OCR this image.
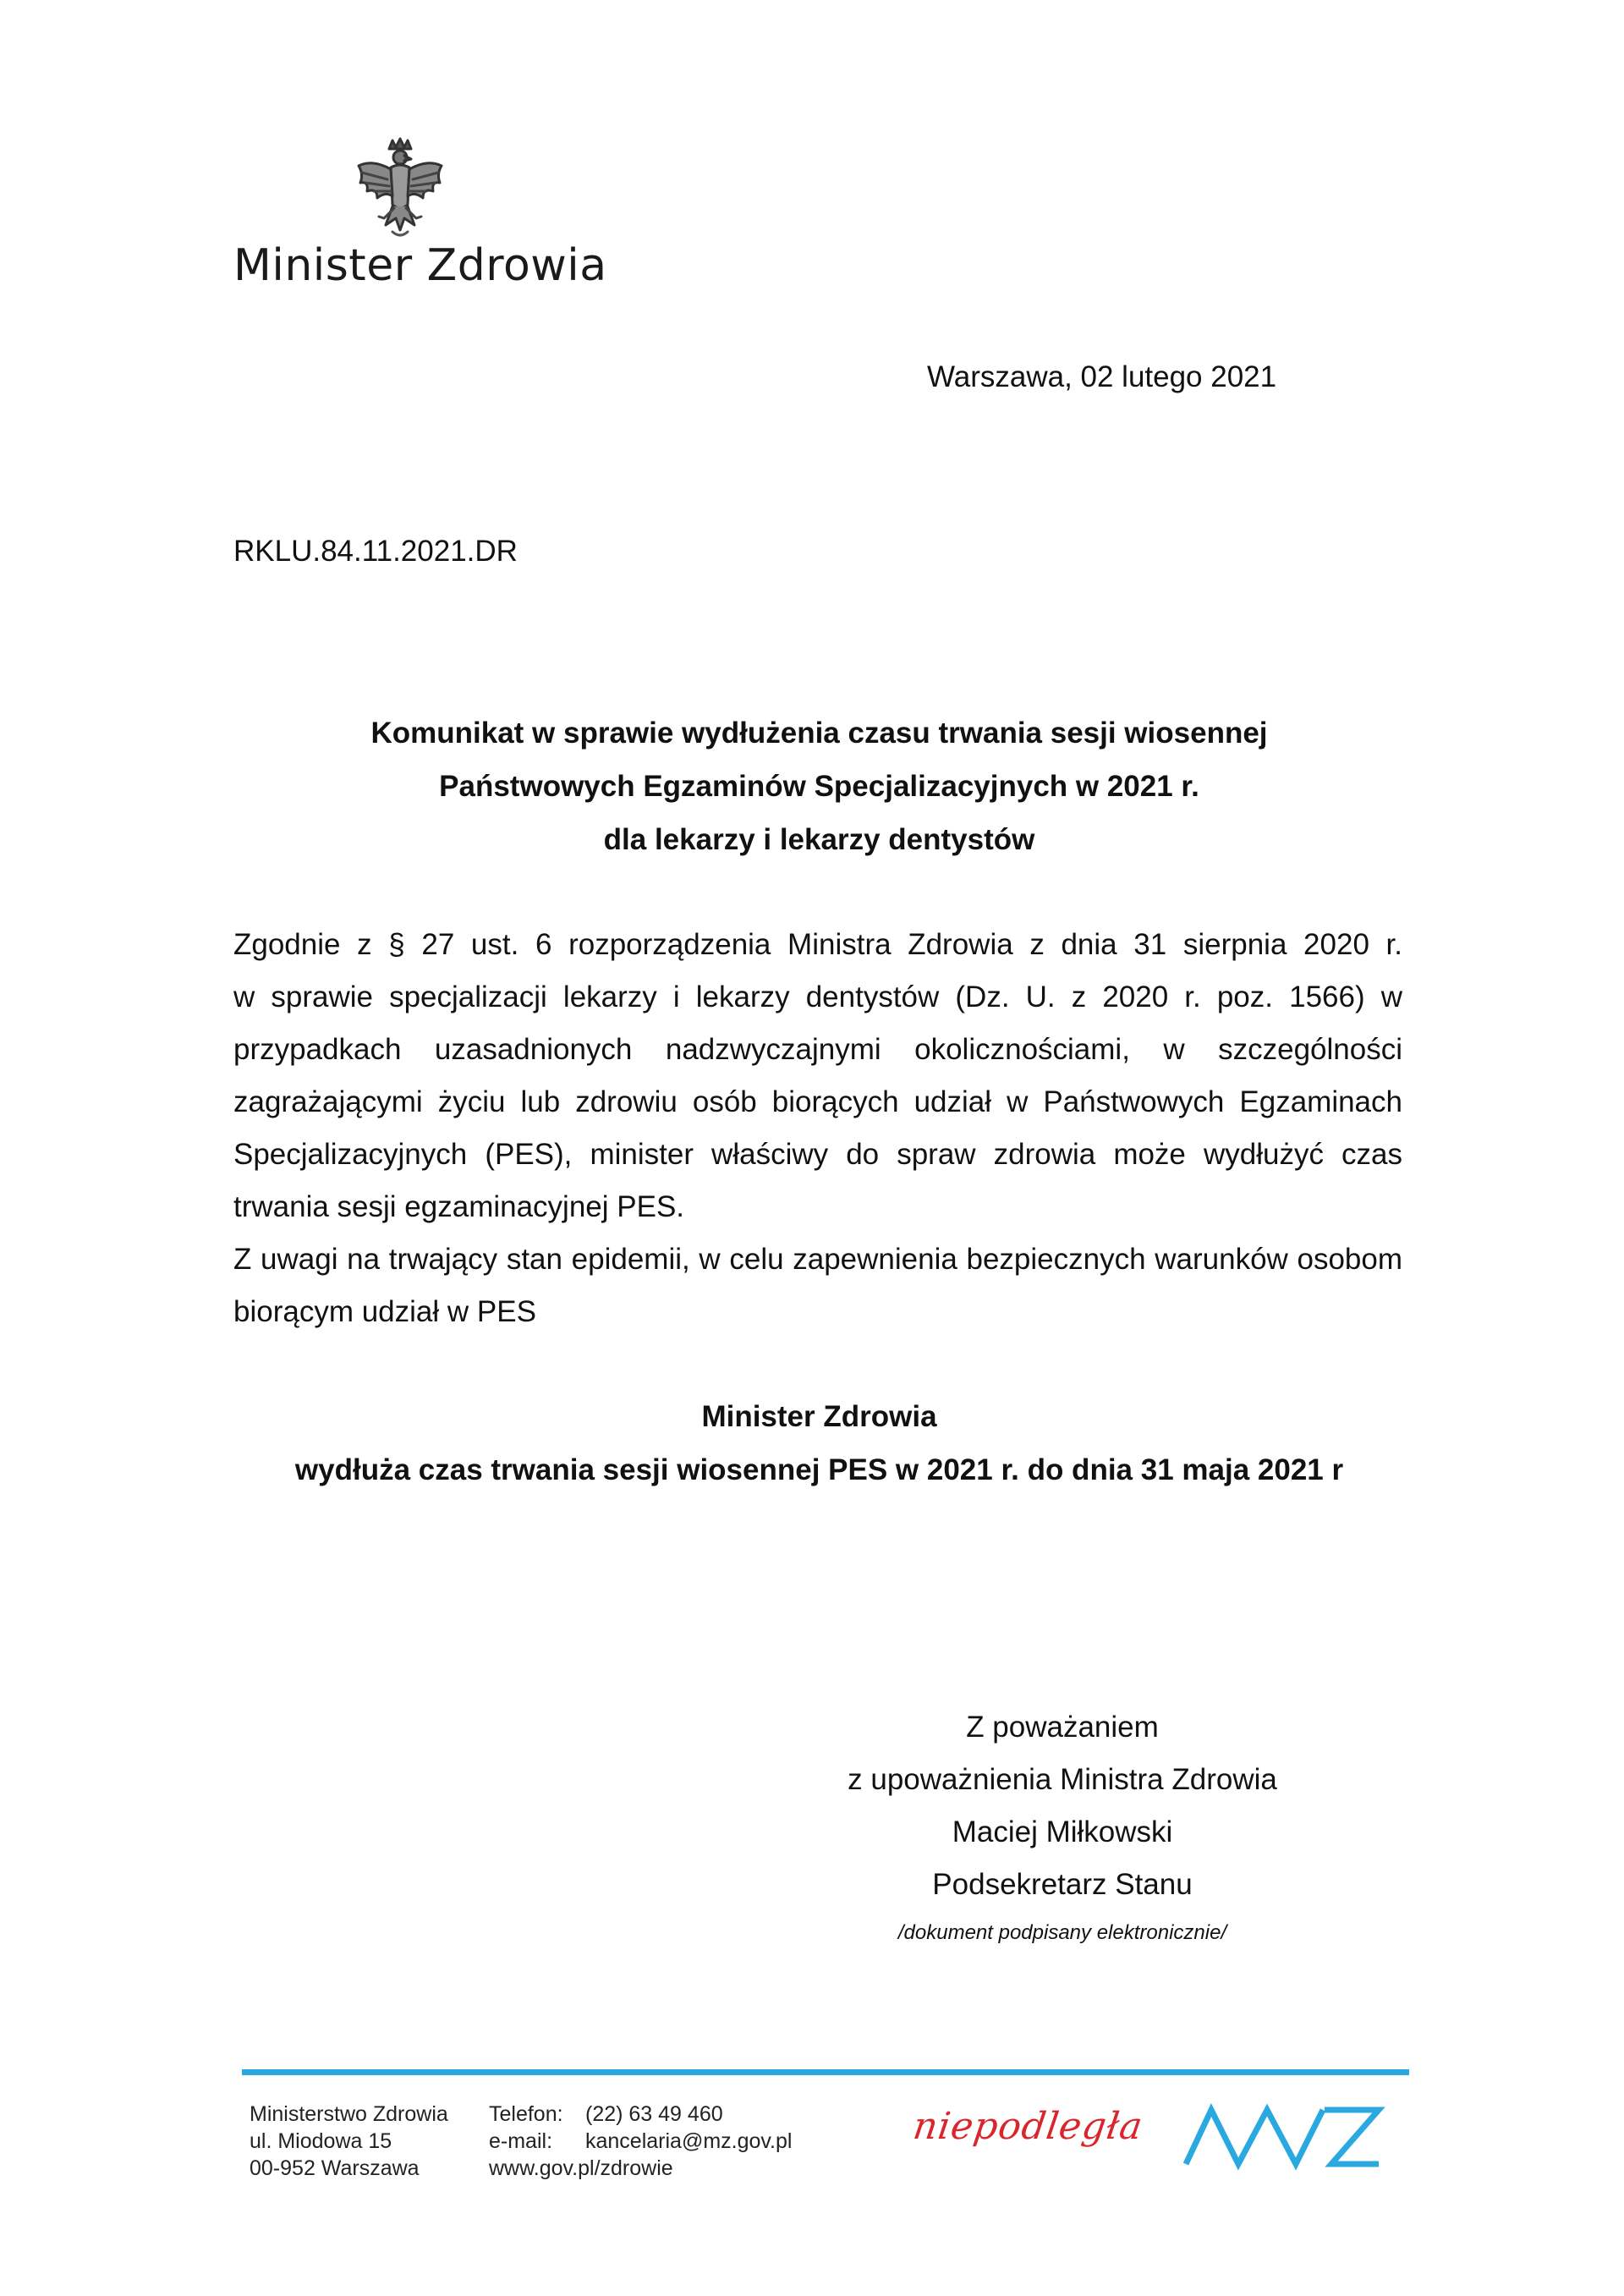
Minister Zdrowia
Warszawa, 02 lutego 2021
RKLU.84.11.2021.DR
Komunikat w sprawie wydłużenia czasu trwania sesji wiosennej
Państwowych Egzaminów Specjalizacyjnych w 2021 r.
dla lekarzy i lekarzy dentystów
Zgodnie z § 27 ust. 6 rozporządzenia Ministra Zdrowia z dnia 31 sierpnia 2020 r.
w sprawie specjalizacji lekarzy i lekarzy dentystów (Dz. U. z 2020 r. poz. 1566) w
przypadkach uzasadnionych nadzwyczajnymi okolicznościami, w szczególności
zagrażającymi życiu lub zdrowiu osób biorących udział w Państwowych Egzaminach
Specjalizacyjnych (PES), minister właściwy do spraw zdrowia może wydłużyć czas
trwania sesji egzaminacyjnej PES.
Z uwagi na trwający stan epidemii, w celu zapewnienia bezpiecznych warunków osobom
biorącym udział w PES
Minister Zdrowia
wydłuża czas trwania sesji wiosennej PES w 2021 r. do dnia 31 maja 2021 r
Z poważaniem
z upoważnienia Ministra Zdrowia
Maciej Miłkowski
Podsekretarz Stanu
/dokument podpisany elektronicznie/
Ministerstwo Zdrowia
ul. Miodowa 15
00-952 Warszawa
Telefon: (22) 63 49 460
e-mail: kancelaria@mz.gov.pl
www.gov.pl/zdrowie
niepodległa
